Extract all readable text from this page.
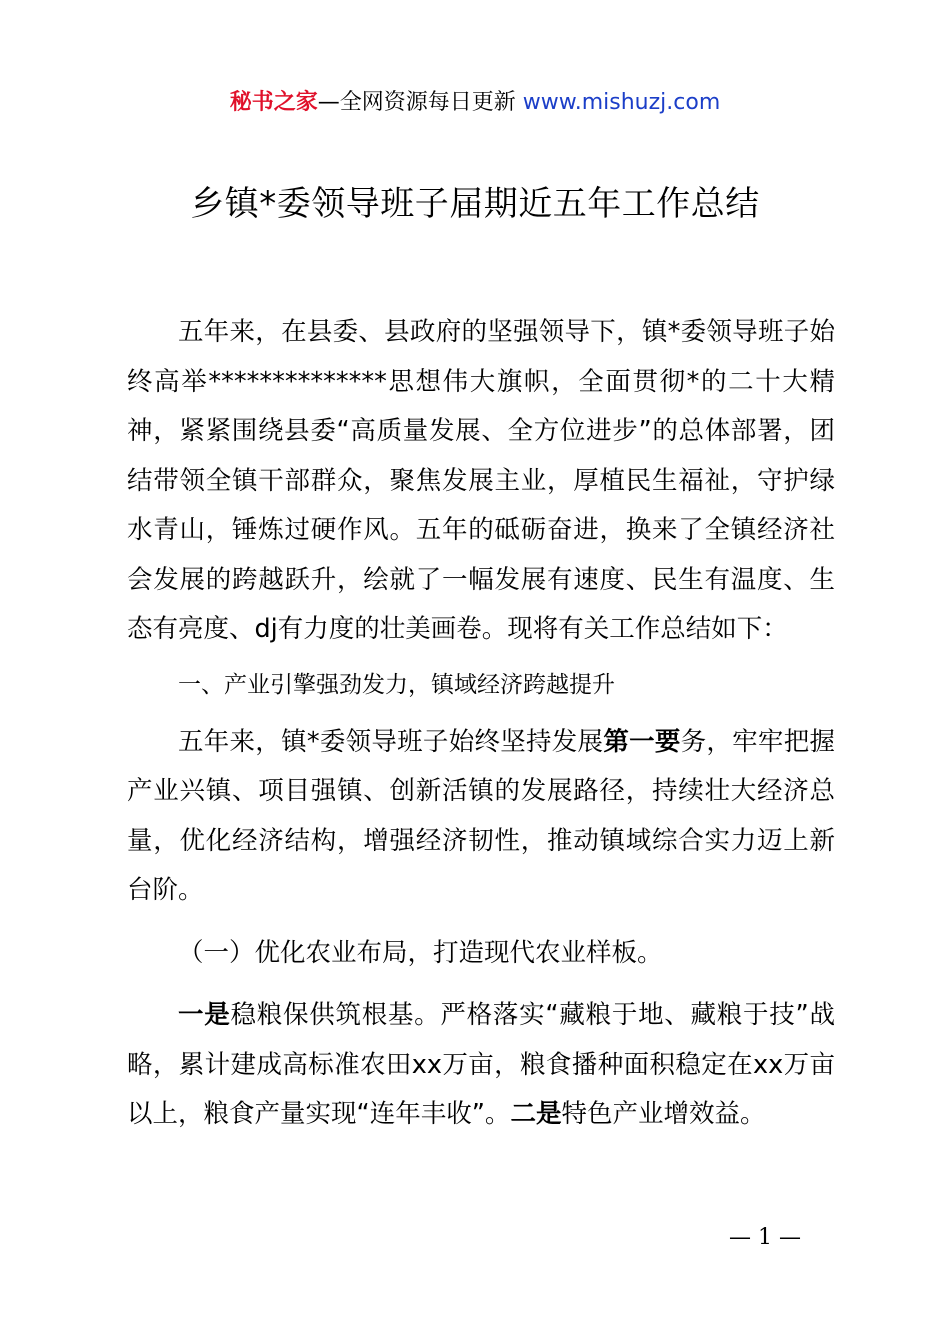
秘书之家—全网资源每日更新 www.mishuzj.com
乡镇*委领导班子届期近五年工作总结

五年来，在县委、县政府的坚强领导下，镇*委领导班子始终高举**************思想伟大旗帜，全面贯彻*的二十大精神，紧紧围绕县委“高质量发展、全方位进步”的总体部署，团结带领全镇干部群众，聚焦发展主业，厚植民生福祉，守护绿水青山，锤炼过硬作风。五年的砥砺奋进，换来了全镇经济社会发展的跨越跃升，绘就了一幅发展有速度、民生有温度、生态有亮度、dj有力度的壮美画卷。现将有关工作总结如下：

一、产业引擎强劲发力，镇域经济跨越提升

五年来，镇*委领导班子始终坚持发展第一要务，牢牢把握产业兴镇、项目强镇、创新活镇的发展路径，持续壮大经济总量，优化经济结构，增强经济韧性，推动镇域综合实力迈上新台阶。

（一）优化农业布局，打造现代农业样板。

一是稳粮保供筑根基。严格落实“藏粮于地、藏粮于技”战略，累计建成高标准农田xx万亩，粮食播种面积稳定在xx万亩以上，粮食产量实现“连年丰收”。二是特色产业增效益。

— 1 —
